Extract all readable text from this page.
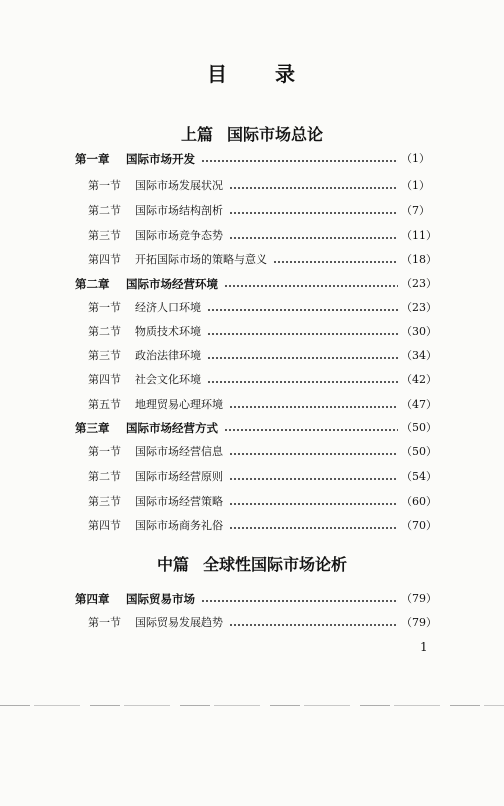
目 录
上篇 国际市场总论
第一章	国际市场开发	（1）
第一节	国际市场发展状况	（1）
第二节	国际市场结构剖析	（7）
第三节	国际市场竞争态势	（11）
第四节	开拓国际市场的策略与意义	（18）
第二章	国际市场经营环境	（23）
第一节	经济人口环境	（23）
第二节	物质技术环境	（30）
第三节	政治法律环境	（34）
第四节	社会文化环境	（42）
第五节	地理贸易心理环境	（47）
第三章	国际市场经营方式	（50）
第一节	国际市场经营信息	（50）
第二节	国际市场经营原则	（54）
第三节	国际市场经营策略	（60）
第四节	国际市场商务礼俗	（70）
中篇 全球性国际市场论析
第四章	国际贸易市场	（79）
第一节	国际贸易发展趋势	（79）
1
